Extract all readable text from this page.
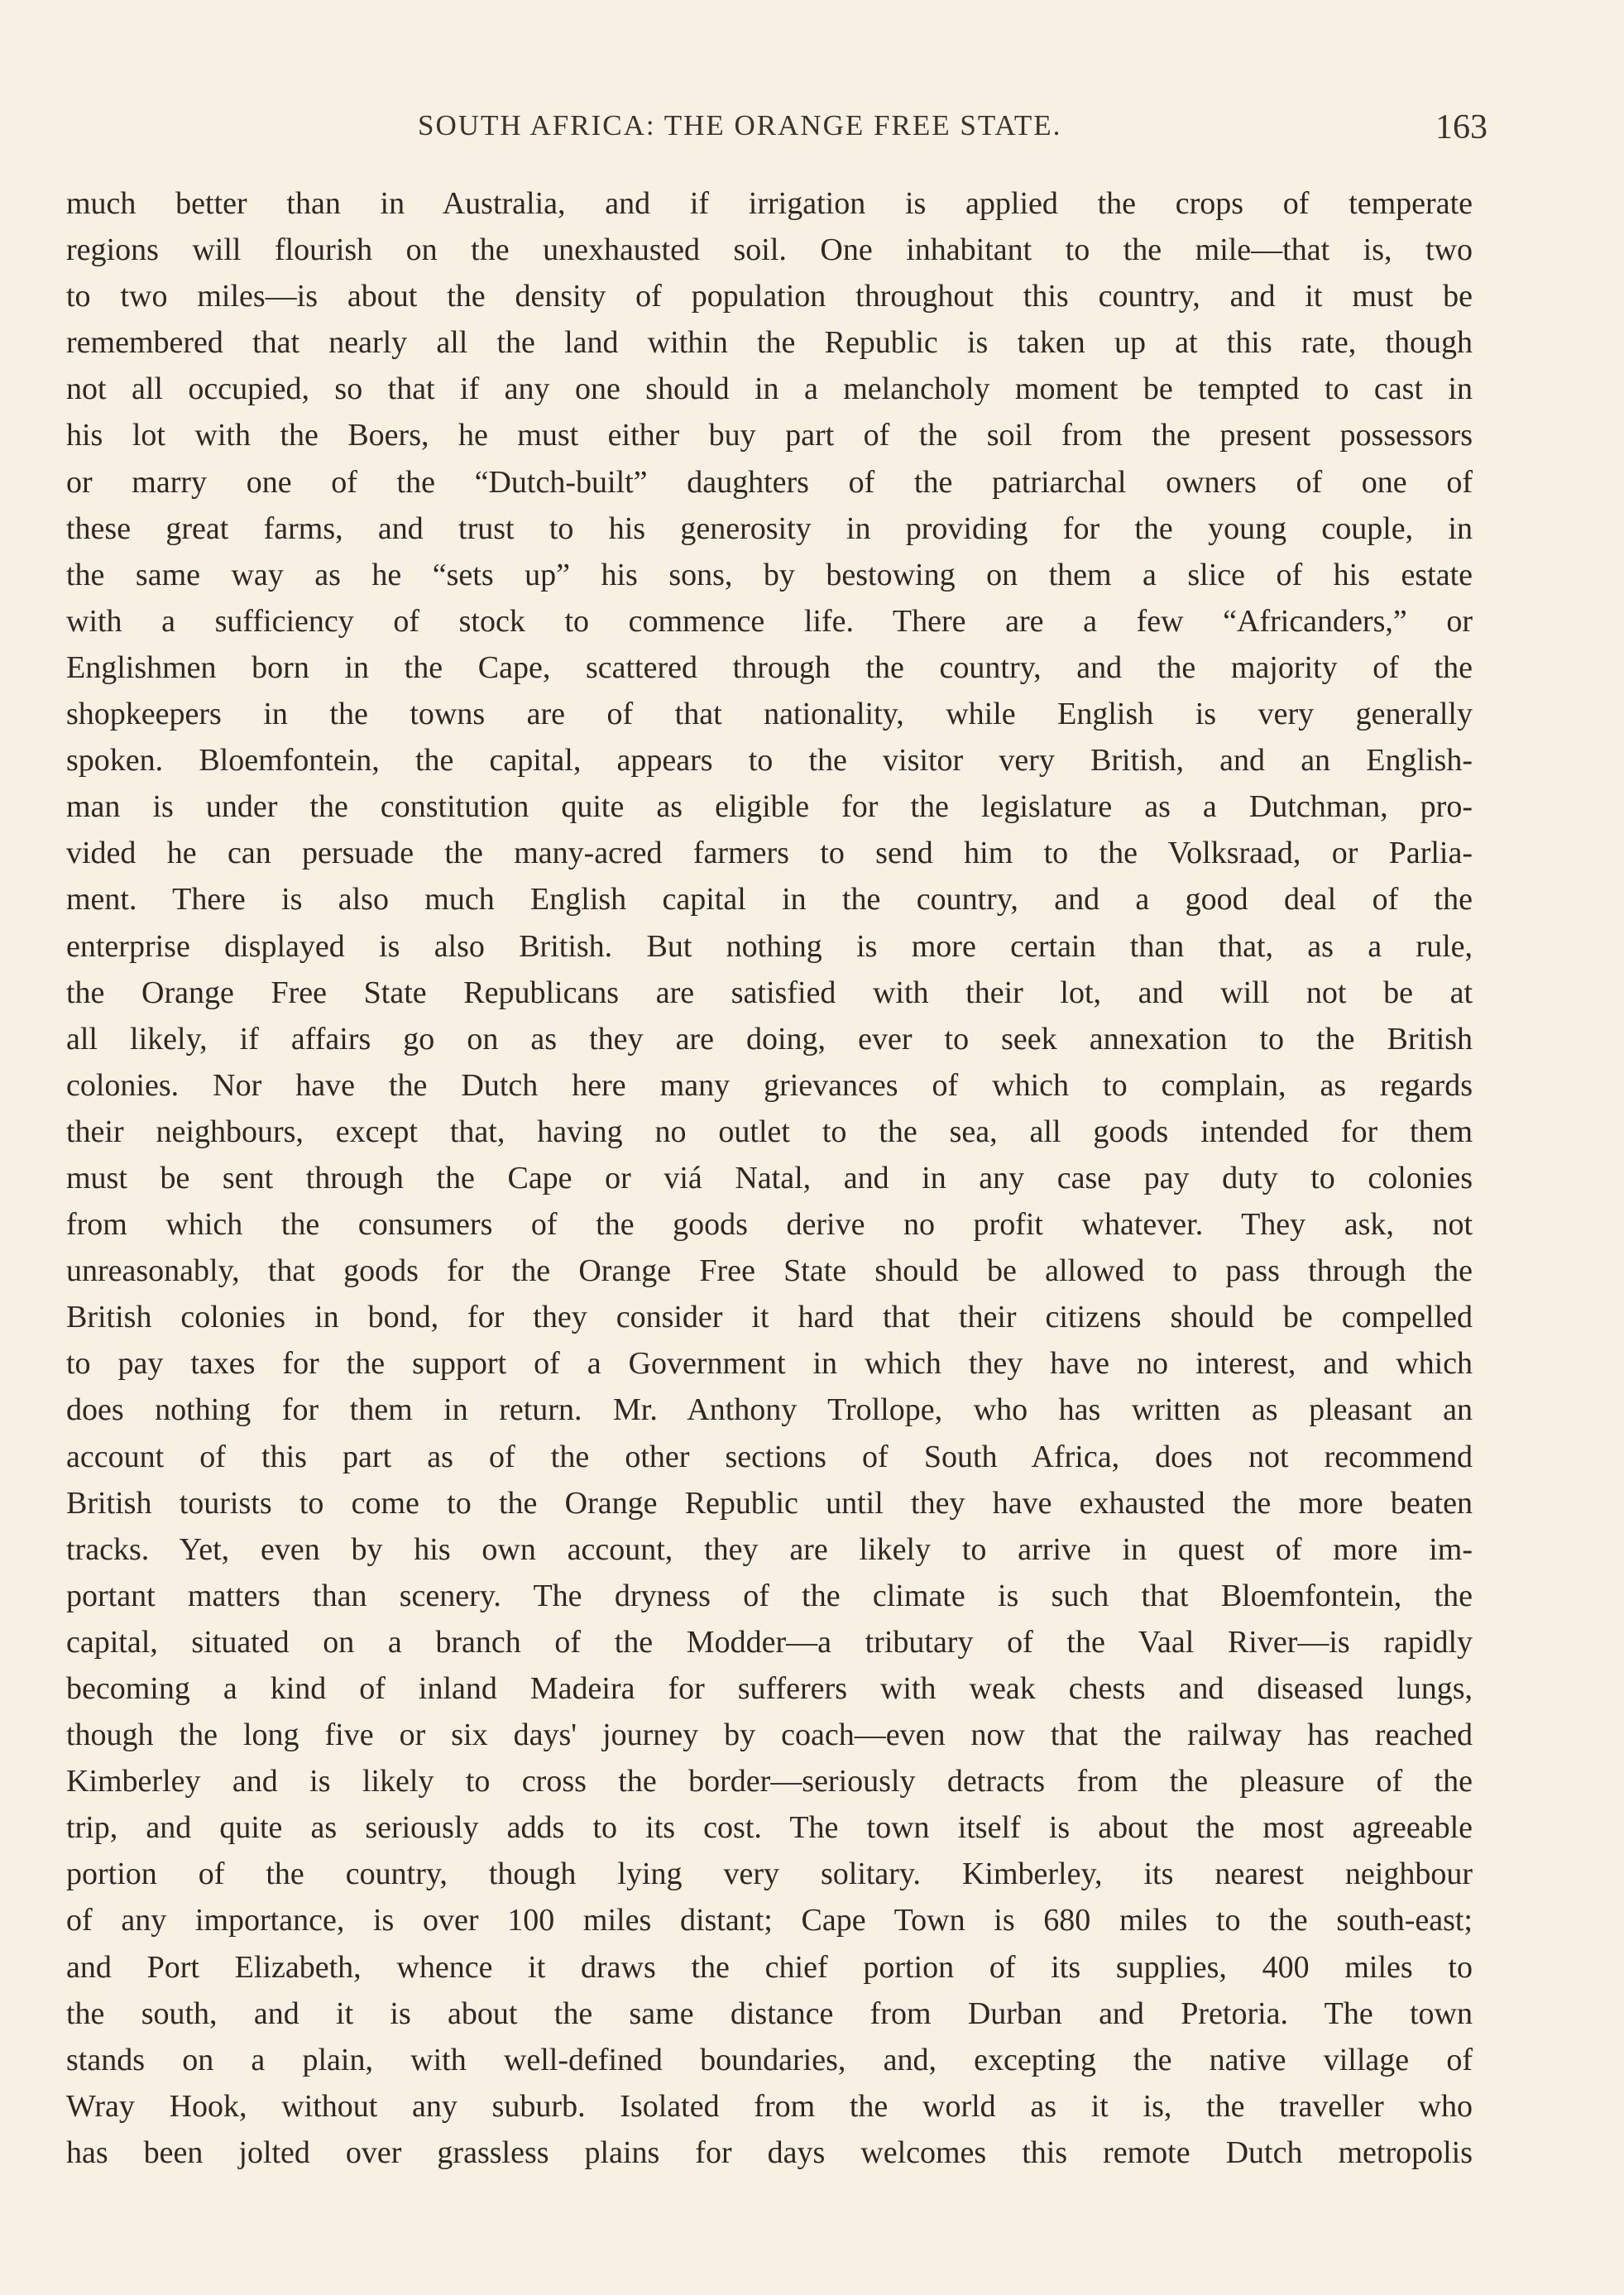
SOUTH AFRICA: THE ORANGE FREE STATE.	163
much better than in Australia, and if irrigation is applied the crops of temperate
regions will flourish on the unexhausted soil. One inhabitant to the mile—that is, two
to two miles—is about the density of population throughout this country, and it must be
remembered that nearly all the land within the Republic is taken up at this rate, though
not all occupied, so that if any one should in a melancholy moment be tempted to cast in
his lot with the Boers, he must either buy part of the soil from the present possessors
or marry one of the “Dutch-built” daughters of the patriarchal owners of one of
these great farms, and trust to his generosity in providing for the young couple, in
the same way as he “sets up” his sons, by bestowing on them a slice of his estate
with a sufficiency of stock to commence life. There are a few “Africanders,” or
Englishmen born in the Cape, scattered through the country, and the majority of the
shopkeepers in the towns are of that nationality, while English is very generally
spoken. Bloemfontein, the capital, appears to the visitor very British, and an English-
man is under the constitution quite as eligible for the legislature as a Dutchman, pro-
vided he can persuade the many-acred farmers to send him to the Volksraad, or Parlia-
ment. There is also much English capital in the country, and a good deal of the
enterprise displayed is also British. But nothing is more certain than that, as a rule,
the Orange Free State Republicans are satisfied with their lot, and will not be at
all likely, if affairs go on as they are doing, ever to seek annexation to the British
colonies. Nor have the Dutch here many grievances of which to complain, as regards
their neighbours, except that, having no outlet to the sea, all goods intended for them
must be sent through the Cape or viá Natal, and in any case pay duty to colonies
from which the consumers of the goods derive no profit whatever. They ask, not
unreasonably, that goods for the Orange Free State should be allowed to pass through the
British colonies in bond, for they consider it hard that their citizens should be compelled
to pay taxes for the support of a Government in which they have no interest, and which
does nothing for them in return. Mr. Anthony Trollope, who has written as pleasant an
account of this part as of the other sections of South Africa, does not recommend
British tourists to come to the Orange Republic until they have exhausted the more beaten
tracks. Yet, even by his own account, they are likely to arrive in quest of more im-
portant matters than scenery. The dryness of the climate is such that Bloemfontein, the
capital, situated on a branch of the Modder—a tributary of the Vaal River—is rapidly
becoming a kind of inland Madeira for sufferers with weak chests and diseased lungs,
though the long five or six days' journey by coach—even now that the railway has reached
Kimberley and is likely to cross the border—seriously detracts from the pleasure of the
trip, and quite as seriously adds to its cost. The town itself is about the most agreeable
portion of the country, though lying very solitary. Kimberley, its nearest neighbour
of any importance, is over 100 miles distant; Cape Town is 680 miles to the south-east;
and Port Elizabeth, whence it draws the chief portion of its supplies, 400 miles to
the south, and it is about the same distance from Durban and Pretoria. The town
stands on a plain, with well-defined boundaries, and, excepting the native village of
Wray Hook, without any suburb. Isolated from the world as it is, the traveller who
has been jolted over grassless plains for days welcomes this remote Dutch metropolis
